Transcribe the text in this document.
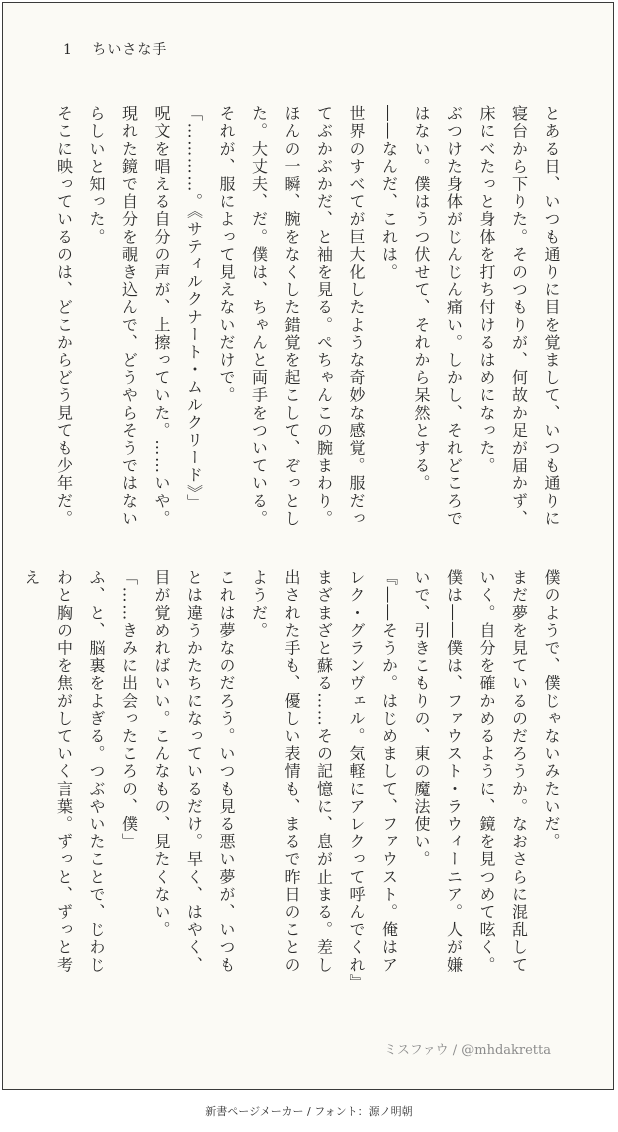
1 ちいさな手

とある日、いつも通りに目を覚まして、いつも通りに寝台から下りた。そのつもりが、何故か足が届かず、床にべたっと身体を打ち付けるはめになった。

ぶつけた身体がじんじん痛い。しかし、それどころではない。僕はうつ伏せて、それから呆然とする。

――なんだ、これは。

世界のすべてが巨大化したような奇妙な感覚。服だってぶかぶかだ、と袖を見る。ぺちゃんこの腕まわり。ほんの一瞬、腕をなくした錯覚を起こして、ぞっとした。大丈夫、だ。僕は、ちゃんと両手をついている。それが、服によって見えないだけで。

「…………。《サティルクナート・ムルクリード》」

呪文を唱える自分の声が、上擦っていた。……いや。現れた鏡で自分を覗き込んで、どうやらそうではないらしいと知った。

そこに映っているのは、どこからどう見ても少年だ。

僕のようで、僕じゃないみたいだ。

まだ夢を見ているのだろうか。なおさらに混乱していく。自分を確かめるように、鏡を見つめて呟く。僕は――僕は、ファウスト・ラウィーニア。人が嫌いで、引きこもりの、東の魔法使い。

『――そうか。はじめまして、ファウスト。俺はアレク・グランヴェル。気軽にアレクって呼んでくれ』

まざまざと蘇る……その記憶に、息が止まる。差し出された手も、優しい表情も、まるで昨日のことのようだ。

これは夢なのだろう。いつも見る悪い夢が、いつもとは違うかたちになっているだけ。早く、はやく、目が覚めればいい。こんなもの、見たくない。

「……きみに出会ったころの、僕」

ふ、と、脳裏をよぎる。つぶやいたことで、じわじわと胸の中を焦がしていく言葉。ずっと、ずっと考え

ミスファウ / @mhdakretta
新書ページメーカー / フォント：源ノ明朝
